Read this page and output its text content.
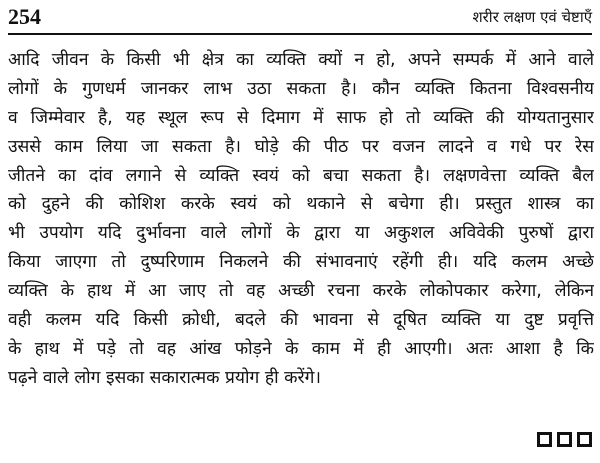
254	शरीर लक्षण एवं चेष्टाएँ

आदि जीवन के किसी भी क्षेत्र का व्यक्ति क्यों न हो, अपने सम्पर्क में आने वाले
लोगों के गुणधर्म जानकर लाभ उठा सकता है। कौन व्यक्ति कितना विश्वसनीय
व जिम्मेवार है, यह स्थूल रूप से दिमाग में साफ हो तो व्यक्ति की योग्यतानुसार
उससे काम लिया जा सकता है। घोड़े की पीठ पर वजन लादने व गधे पर रेस
जीतने का दांव लगाने से व्यक्ति स्वयं को बचा सकता है। लक्षणवेत्ता व्यक्ति बैल
को दुहने की कोशिश करके स्वयं को थकाने से बचेगा ही। प्रस्तुत शास्त्र का
भी उपयोग यदि दुर्भावना वाले लोगों के द्वारा या अकुशल अविवेकी पुरुषों द्वारा
किया जाएगा तो दुष्परिणाम निकलने की संभावनाएं रहेंगी ही। यदि कलम अच्छे
व्यक्ति के हाथ में आ जाए तो वह अच्छी रचना करके लोकोपकार करेगा, लेकिन
वही कलम यदि किसी क्रोधी, बदले की भावना से दूषित व्यक्ति या दुष्ट प्रवृत्ति
के हाथ में पड़े तो वह आंख फोड़ने के काम में ही आएगी। अतः आशा है कि
पढ़ने वाले लोग इसका सकारात्मक प्रयोग ही करेंगे।
